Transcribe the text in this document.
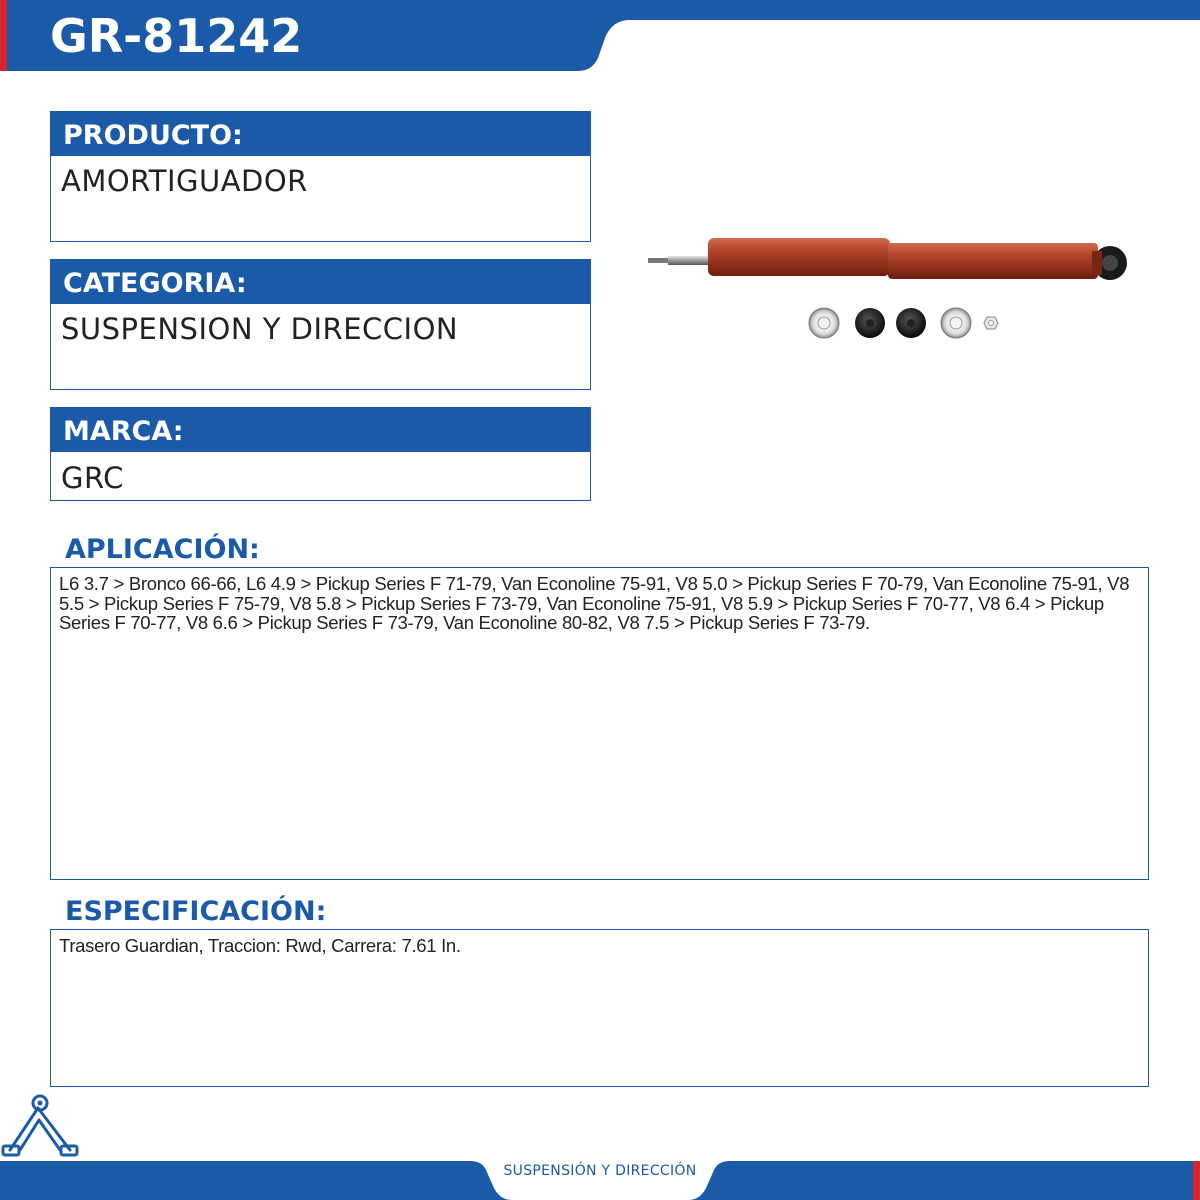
GR-81242
PRODUCTO:
AMORTIGUADOR
CATEGORIA:
SUSPENSION Y DIRECCION
MARCA:
GRC
APLICACIÓN:
L6 3.7 > Bronco 66-66, L6 4.9 > Pickup Series F 71-79, Van Econoline 75-91, V8 5.0 > Pickup Series F 70-79, Van Econoline 75-91, V8 5.5 > Pickup Series F 75-79, V8 5.8 > Pickup Series F 73-79, Van Econoline 75-91, V8 5.9 > Pickup Series F 70-77, V8 6.4 > Pickup Series F 70-77, V8 6.6 > Pickup Series F 73-79, Van Econoline 80-82, V8 7.5 > Pickup Series F 73-79.
ESPECIFICACIÓN:
Trasero Guardian, Traccion: Rwd, Carrera: 7.61 In.
SUSPENSIÓN Y DIRECCIÓN
